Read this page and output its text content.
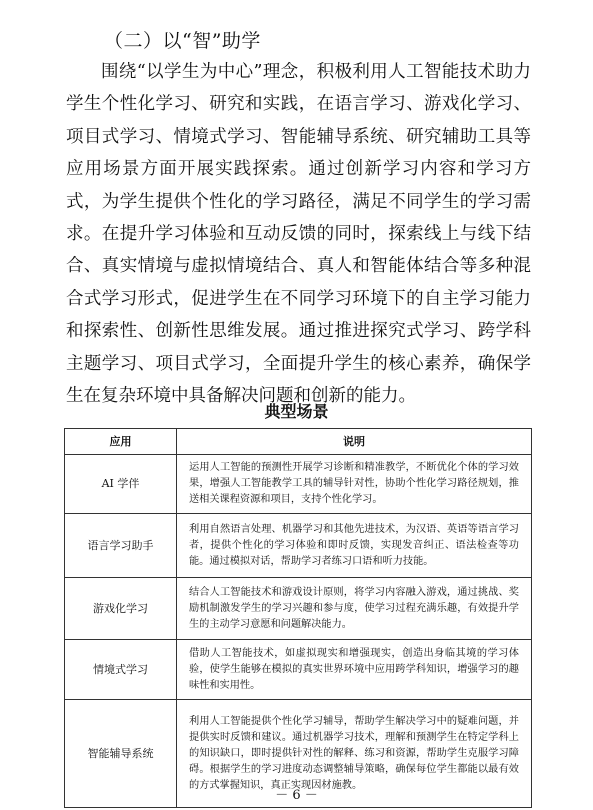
（二）以“智”助学

围绕“以学生为中心”理念，积极利用人工智能技术助力学生个性化学习、研究和实践，在语言学习、游戏化学习、项目式学习、情境式学习、智能辅导系统、研究辅助工具等应用场景方面开展实践探索。通过创新学习内容和学习方式，为学生提供个性化的学习路径，满足不同学生的学习需求。在提升学习体验和互动反馈的同时，探索线上与线下结合、真实情境与虚拟情境结合、真人和智能体结合等多种混合式学习形式，促进学生在不同学习环境下的自主学习能力和探索性、创新性思维发展。通过推进探究式学习、跨学科主题学习、项目式学习，全面提升学生的核心素养，确保学生在复杂环境中具备解决问题和创新的能力。

典型场景
应用	说明
AI 学伴	运用人工智能的预测性开展学习诊断和精准教学，不断优化个体的学习效果，增强人工智能教学工具的辅导针对性，协助个性化学习路径规划，推送相关课程资源和项目，支持个性化学习。
语言学习助手	利用自然语言处理、机器学习和其他先进技术，为汉语、英语等语言学习者，提供个性化的学习体验和即时反馈，实现发音纠正、语法检查等功能。通过模拟对话，帮助学习者练习口语和听力技能。
游戏化学习	结合人工智能技术和游戏设计原则，将学习内容融入游戏，通过挑战、奖励机制激发学生的学习兴趣和参与度，使学习过程充满乐趣，有效提升学生的主动学习意愿和问题解决能力。
情境式学习	借助人工智能技术，如虚拟现实和增强现实，创造出身临其境的学习体验，使学生能够在模拟的真实世界环境中应用跨学科知识，增强学习的趣味性和实用性。
智能辅导系统	利用人工智能提供个性化学习辅导，帮助学生解决学习中的疑难问题，并提供实时反馈和建议。通过机器学习技术，理解和预测学生在特定学科上的知识缺口，即时提供针对性的解释、练习和资源，帮助学生克服学习障碍。根据学生的学习进度动态调整辅导策略，确保每位学生都能以最有效的方式掌握知识，真正实现因材施教。
－ 6 －
